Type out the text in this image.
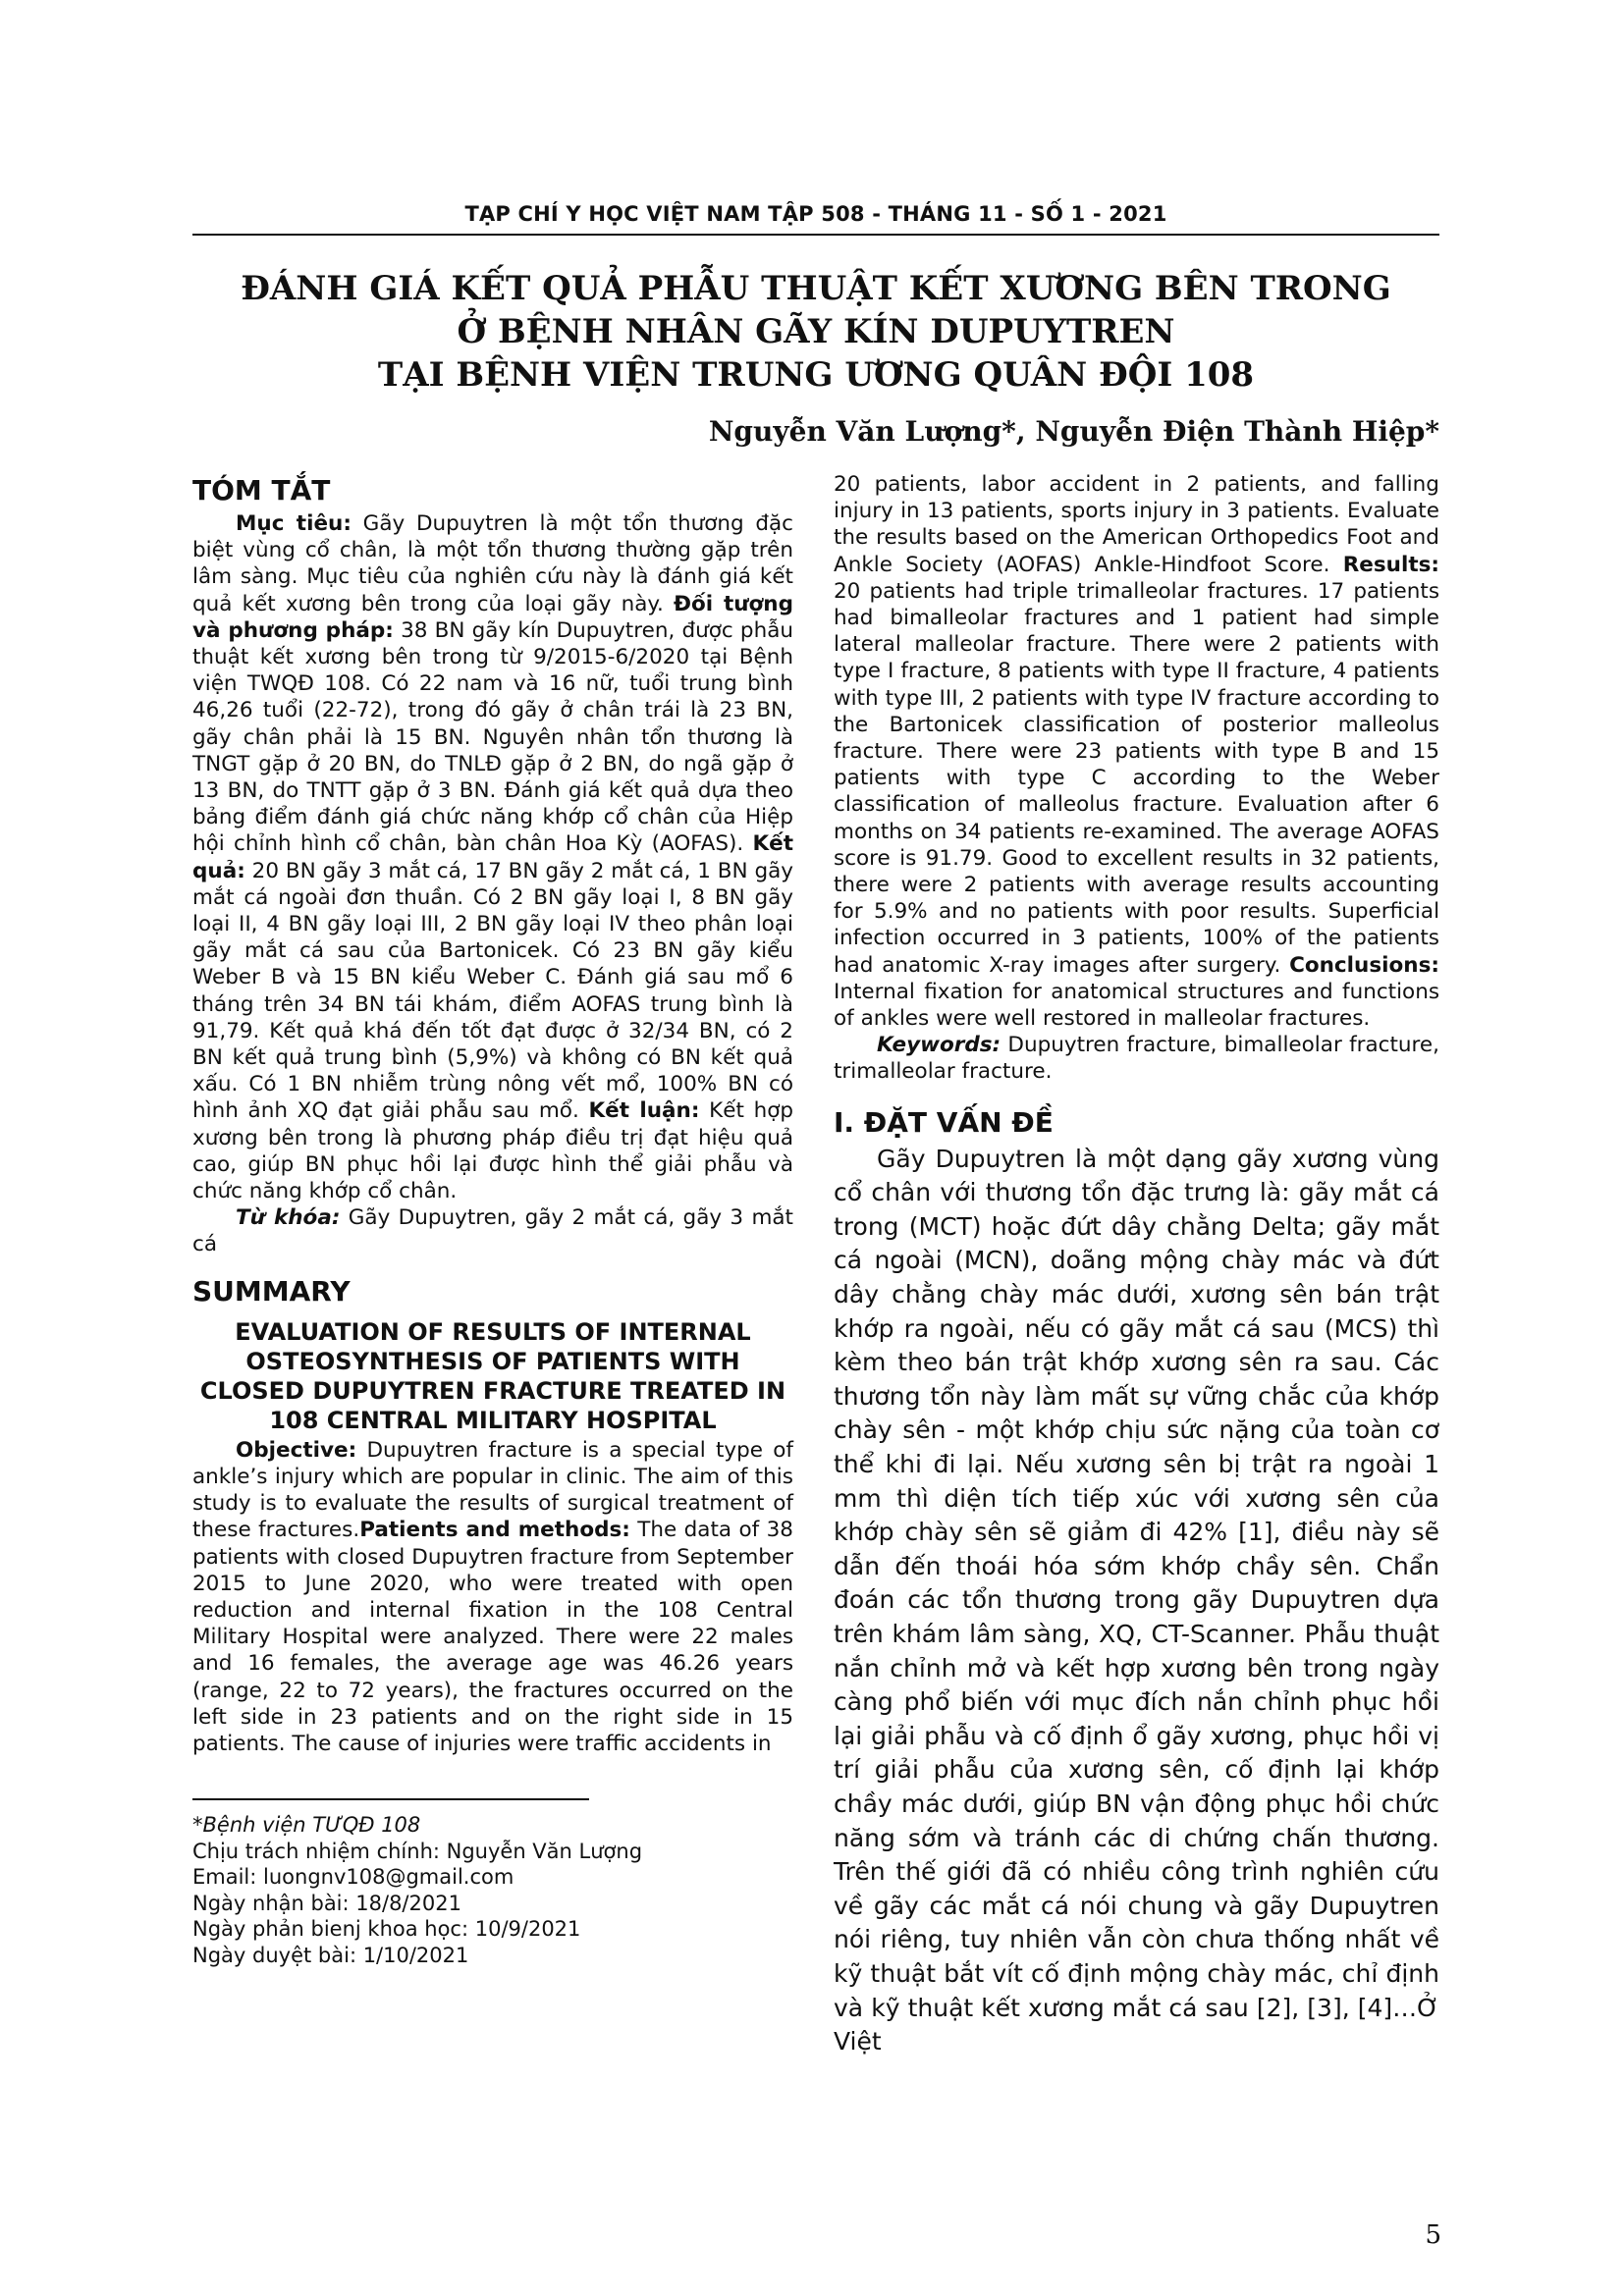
TẠP CHÍ Y HỌC VIỆT NAM TẬP 508 - THÁNG 11 - SỐ 1 - 2021
ĐÁNH GIÁ KẾT QUẢ PHẪU THUẬT KẾT XƯƠNG BÊN TRONG
Ở BỆNH NHÂN GÃY KÍN DUPUYTREN
TẠI BỆNH VIỆN TRUNG ƯƠNG QUÂN ĐỘI 108
Nguyễn Văn Lượng*, Nguyễn Điện Thành Hiệp*
TÓM TẮT

Mục tiêu: Gãy Dupuytren là một tổn thương đặc biệt vùng cổ chân, là một tổn thương thường gặp trên lâm sàng. Mục tiêu của nghiên cứu này là đánh giá kết quả kết xương bên trong của loại gãy này. Đối tượng và phương pháp: 38 BN gãy kín Dupuytren, được phẫu thuật kết xương bên trong từ 9/2015-6/2020 tại Bệnh viện TWQĐ 108. Có 22 nam và 16 nữ, tuổi trung bình 46,26 tuổi (22-72), trong đó gãy ở chân trái là 23 BN, gãy chân phải là 15 BN. Nguyên nhân tổn thương là TNGT gặp ở 20 BN, do TNLĐ gặp ở 2 BN, do ngã gặp ở 13 BN, do TNTT gặp ở 3 BN. Đánh giá kết quả dựa theo bảng điểm đánh giá chức năng khớp cổ chân của Hiệp hội chỉnh hình cổ chân, bàn chân Hoa Kỳ (AOFAS). Kết quả: 20 BN gãy 3 mắt cá, 17 BN gãy 2 mắt cá, 1 BN gãy mắt cá ngoài đơn thuần. Có 2 BN gãy loại I, 8 BN gãy loại II, 4 BN gãy loại III, 2 BN gãy loại IV theo phân loại gãy mắt cá sau của Bartonicek. Có 23 BN gãy kiểu Weber B và 15 BN kiểu Weber C. Đánh giá sau mổ 6 tháng trên 34 BN tái khám, điểm AOFAS trung bình là 91,79. Kết quả khá đến tốt đạt được ở 32/34 BN, có 2 BN kết quả trung bình (5,9%) và không có BN kết quả xấu. Có 1 BN nhiễm trùng nông vết mổ, 100% BN có hình ảnh XQ đạt giải phẫu sau mổ. Kết luận: Kết hợp xương bên trong là phương pháp điều trị đạt hiệu quả cao, giúp BN phục hồi lại được hình thể giải phẫu và chức năng khớp cổ chân.

Từ khóa: Gãy Dupuytren, gãy 2 mắt cá, gãy 3 mắt cá

SUMMARY
EVALUATION OF RESULTS OF INTERNAL OSTEOSYNTHESIS OF PATIENTS WITH CLOSED DUPUYTREN FRACTURE TREATED IN 108 CENTRAL MILITARY HOSPITAL

Objective: Dupuytren fracture is a special type of ankle’s injury which are popular in clinic. The aim of this study is to evaluate the results of surgical treatment of these fractures.Patients and methods: The data of 38 patients with closed Dupuytren fracture from September 2015 to June 2020, who were treated with open reduction and internal fixation in the 108 Central Military Hospital were analyzed. There were 22 males and 16 females, the average age was 46.26 years (range, 22 to 72 years), the fractures occurred on the left side in 23 patients and on the right side in 15 patients. The cause of injuries were traffic accidents in

20 patients, labor accident in 2 patients, and falling injury in 13 patients, sports injury in 3 patients. Evaluate the results based on the American Orthopedics Foot and Ankle Society (AOFAS) Ankle-Hindfoot Score. Results: 20 patients had triple trimalleolar fractures. 17 patients had bimalleolar fractures and 1 patient had simple lateral malleolar fracture. There were 2 patients with type I fracture, 8 patients with type II fracture, 4 patients with type III, 2 patients with type IV fracture according to the Bartonicek classification of posterior malleolus fracture. There were 23 patients with type B and 15 patients with type C according to the Weber classification of malleolus fracture. Evaluation after 6 months on 34 patients re-examined. The average AOFAS score is 91.79. Good to excellent results in 32 patients, there were 2 patients with average results accounting for 5.9% and no patients with poor results. Superficial infection occurred in 3 patients, 100% of the patients had anatomic X-ray images after surgery. Conclusions: Internal fixation for anatomical structures and functions of ankles were well restored in malleolar fractures.

Keywords: Dupuytren fracture, bimalleolar fracture, trimalleolar fracture.

I. ĐẶT VẤN ĐỀ

Gãy Dupuytren là một dạng gãy xương vùng cổ chân với thương tổn đặc trưng là: gãy mắt cá trong (MCT) hoặc đứt dây chằng Delta; gãy mắt cá ngoài (MCN), doãng mộng chày mác và đứt dây chằng chày mác dưới, xương sên bán trật khớp ra ngoài, nếu có gãy mắt cá sau (MCS) thì kèm theo bán trật khớp xương sên ra sau. Các thương tổn này làm mất sự vững chắc của khớp chày sên - một khớp chịu sức nặng của toàn cơ thể khi đi lại. Nếu xương sên bị trật ra ngoài 1 mm thì diện tích tiếp xúc với xương sên của khớp chày sên sẽ giảm đi 42% [1], điều này sẽ dẫn đến thoái hóa sớm khớp chầy sên. Chẩn đoán các tổn thương trong gãy Dupuytren dựa trên khám lâm sàng, XQ, CT-Scanner. Phẫu thuật nắn chỉnh mở và kết hợp xương bên trong ngày càng phổ biến với mục đích nắn chỉnh phục hồi lại giải phẫu và cố định ổ gãy xương, phục hồi vị trí giải phẫu của xương sên, cố định lại khớp chầy mác dưới, giúp BN vận động phục hồi chức năng sớm và tránh các di chứng chấn thương. Trên thế giới đã có nhiều công trình nghiên cứu về gãy các mắt cá nói chung và gãy Dupuytren nói riêng, tuy nhiên vẫn còn chưa thống nhất về kỹ thuật bắt vít cố định mộng chày mác, chỉ định và kỹ thuật kết xương mắt cá sau [2], [3], [4]…Ở Việt

*Bệnh viện TƯQĐ 108
Chịu trách nhiệm chính: Nguyễn Văn Lượng
Email: luongnv108@gmail.com
Ngày nhận bài: 18/8/2021
Ngày phản bienj khoa học: 10/9/2021
Ngày duyệt bài: 1/10/2021
5
